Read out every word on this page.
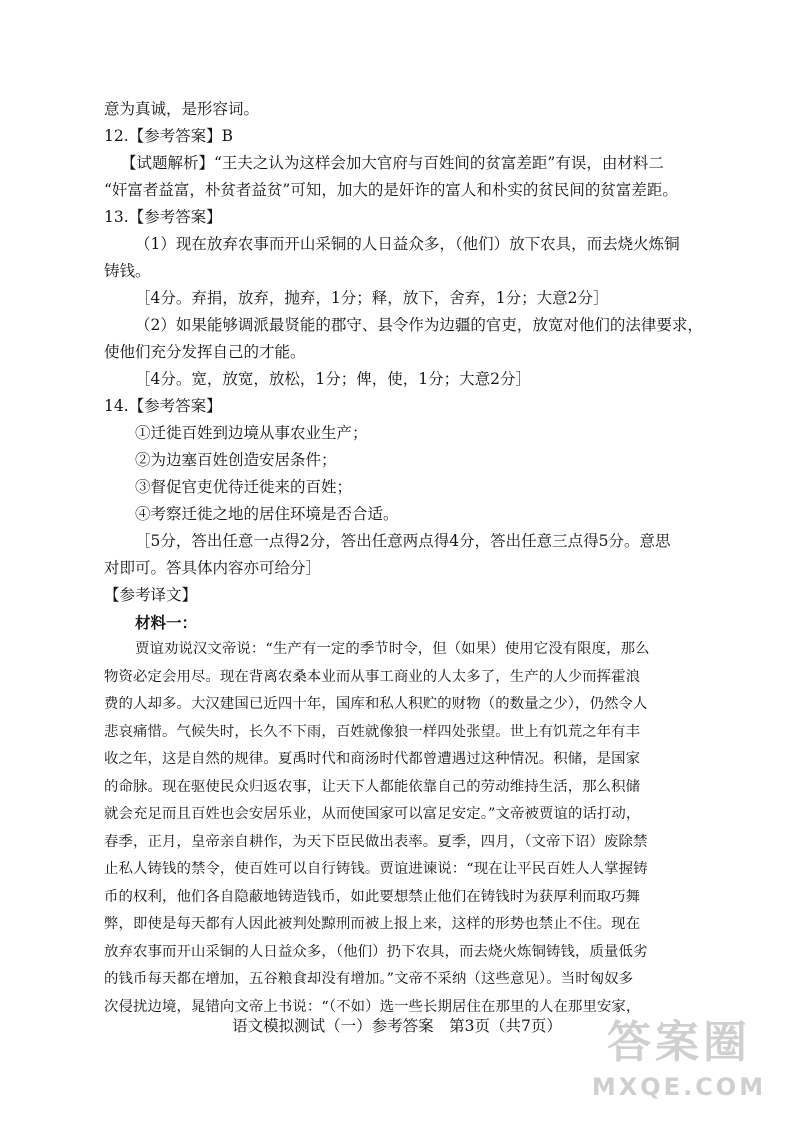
意为真诚，是形容词。

12.【参考答案】B

【试题解析】“王夫之认为这样会加大官府与百姓间的贫富差距”有误，由材料二

“奸富者益富，朴贫者益贫”可知，加大的是奸诈的富人和朴实的贫民间的贫富差距。

13.【参考答案】

（1）现在放弃农事而开山采铜的人日益众多，（他们）放下农具，而去烧火炼铜

铸钱。

［4分。弃捐，放弃，抛弃，1分；释，放下，舍弃，1分；大意2分］

（2）如果能够调派最贤能的郡守、县令作为边疆的官吏，放宽对他们的法律要求，

使他们充分发挥自己的才能。

［4分。宽，放宽，放松，1分；俾，使，1分；大意2分］

14.【参考答案】

①迁徙百姓到边境从事农业生产；

②为边塞百姓创造安居条件；

③督促官吏优待迁徙来的百姓；

④考察迁徙之地的居住环境是否合适。

［5分，答出任意一点得2分，答出任意两点得4分，答出任意三点得5分。意思

对即可。答具体内容亦可给分］

【参考译文】

材料一：

贾谊劝说汉文帝说：“生产有一定的季节时令，但（如果）使用它没有限度，那么

物资必定会用尽。现在背离农桑本业而从事工商业的人太多了，生产的人少而挥霍浪

费的人却多。大汉建国已近四十年，国库和私人积贮的财物（的数量之少），仍然令人

悲哀痛惜。气候失时，长久不下雨，百姓就像狼一样四处张望。世上有饥荒之年有丰

收之年，这是自然的规律。夏禹时代和商汤时代都曾遭遇过这种情况。积储，是国家

的命脉。现在驱使民众归返农事，让天下人都能依靠自己的劳动维持生活，那么积储

就会充足而且百姓也会安居乐业，从而使国家可以富足安定。”文帝被贾谊的话打动，

春季，正月，皇帝亲自耕作，为天下臣民做出表率。夏季，四月，（文帝下诏）废除禁

止私人铸钱的禁令，使百姓可以自行铸钱。贾谊进谏说：“现在让平民百姓人人掌握铸

币的权利，他们各自隐蔽地铸造钱币，如此要想禁止他们在铸钱时为获厚利而取巧舞

弊，即使是每天都有人因此被判处黥刑而被上报上来，这样的形势也禁止不住。现在

放弃农事而开山采铜的人日益众多，（他们）扔下农具，而去烧火炼铜铸钱，质量低劣

的钱币每天都在增加，五谷粮食却没有增加。”文帝不采纳（这些意见）。当时匈奴多

次侵扰边境，晁错向文帝上书说：“（不如）选一些长期居住在那里的人在那里安家，

语文模拟测试（一）参考答案　第3页（共7页）	答案圈
MXQE.COM
